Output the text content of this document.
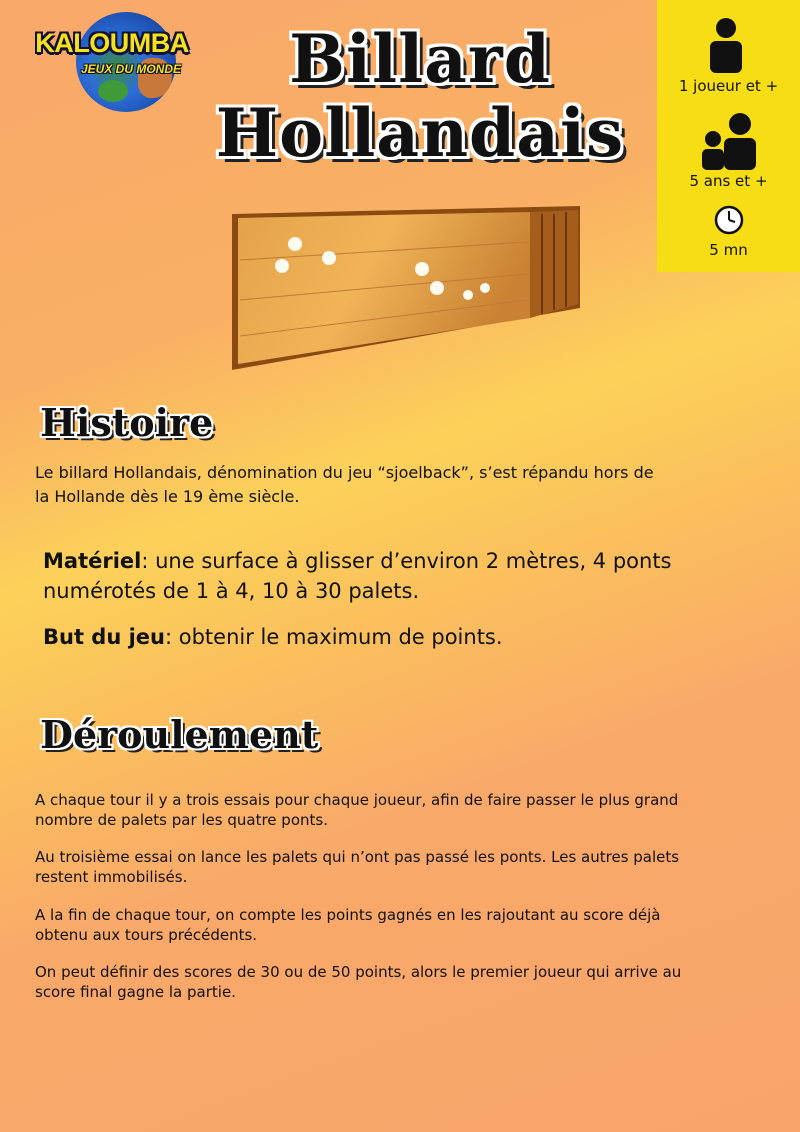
KALOUMBA
JEUX DU MONDE	Billard
Hollandais
1 joueur et +
5 ans et +
5 mn
Histoire
Le billard Hollandais, dénomination du jeu “sjoelback”, s’est répandu hors de
la Hollande dès le 19 ème siècle.
Matériel: une surface à glisser d’environ 2 mètres, 4 ponts
numérotés de 1 à 4, 10 à 30 palets.
But du jeu: obtenir le maximum de points.
Déroulement
A chaque tour il y a trois essais pour chaque joueur, afin de faire passer le plus grand
nombre de palets par les quatre ponts.
Au troisième essai on lance les palets qui n’ont pas passé les ponts. Les autres palets
restent immobilisés.
A la fin de chaque tour, on compte les points gagnés en les rajoutant au score déjà
obtenu aux tours précédents.
On peut définir des scores de 30 ou de 50 points, alors le premier joueur qui arrive au
score final gagne la partie.
